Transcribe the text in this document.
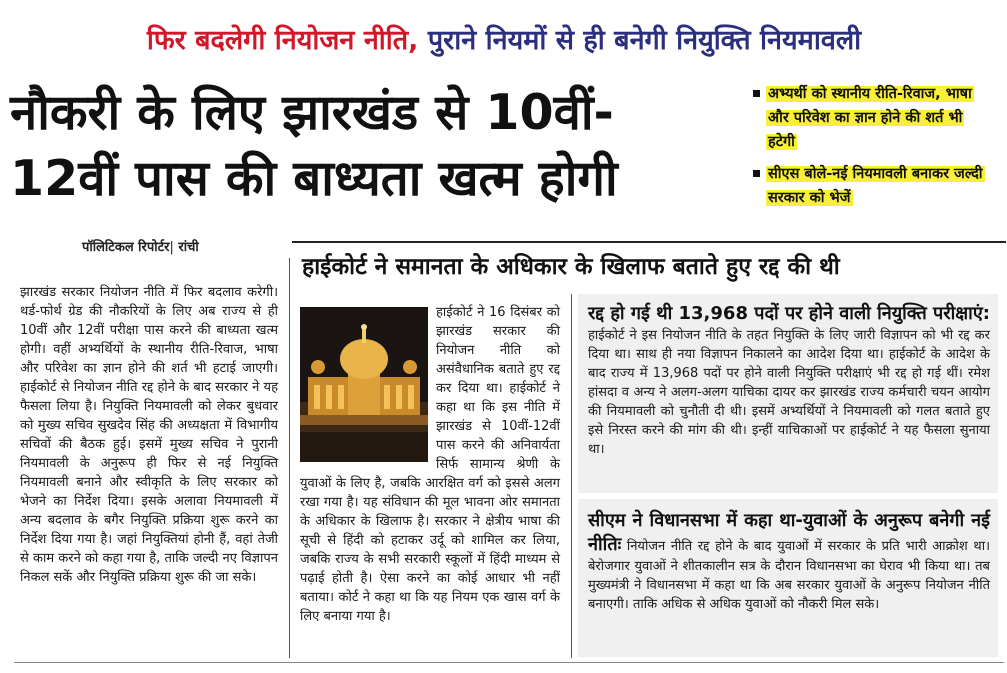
फिर बदलेगी नियोजन नीति,
पुराने नियमों से ही बनेगी नियुक्ति नियमावली
नौकरी के लिए झारखंड से 10वीं-
12वीं पास की बाध्यता खत्म होगी
अभ्यर्थी को स्थानीय रीति-रिवाज, भाषा और परिवेश का ज्ञान होने की शर्त भी हटेगी
सीएस बोले-नई नियमावली बनाकर जल्दी सरकार को भेजें
पॉलिटिकल रिपोर्टर| रांची
हाईकोर्ट ने समानता के अधिकार के खिलाफ बताते हुए रद्द की थी
झारखंड सरकार नियोजन नीति में फिर बदलाव करेगी। थर्ड-फोर्थ ग्रेड की नौकरियों के लिए अब राज्य से ही 10वीं और 12वीं परीक्षा पास करने की बाध्यता खत्म होगी। वहीं अभ्यर्थियों के स्थानीय रीति-रिवाज, भाषा और परिवेश का ज्ञान होने की शर्त भी हटाई जाएगी। हाईकोर्ट से नियोजन नीति रद्द होने के बाद सरकार ने यह फैसला लिया है। नियुक्ति नियमावली को लेकर बुधवार को मुख्य सचिव सुखदेव सिंह की अध्यक्षता में विभागीय सचिवों की बैठक हुई। इसमें मुख्य सचिव ने पुरानी नियमावली के अनुरूप ही फिर से नई नियुक्ति नियमावली बनाने और स्वीकृति के लिए सरकार को भेजने का निर्देश दिया। इसके अलावा नियमावली में अन्य बदलाव के बगैर नियुक्ति प्रक्रिया शुरू करने का निर्देश दिया गया है। जहां नियुक्तियां होनी हैं, वहां तेजी से काम करने को कहा गया है, ताकि जल्दी नए विज्ञापन निकल सकें और नियुक्ति प्रक्रिया शुरू की जा सके।
हाईकोर्ट ने 16 दिसंबर को झारखंड सरकार की नियोजन नीति को असंवैधानिक बताते हुए रद्द कर दिया था। हाईकोर्ट ने कहा था कि इस नीति में झारखंड से 10वीं-12वीं पास करने की अनिवार्यता सिर्फ सामान्य श्रेणी के युवाओं के लिए है, जबकि आरक्षित वर्ग को इससे अलग रखा गया है। यह संविधान की मूल भावना ओर समानता के अधिकार के खिलाफ है। सरकार ने क्षेत्रीय भाषा की सूची से हिंदी को हटाकर उर्दू को शामिल कर लिया, जबकि राज्य के सभी सरकारी स्कूलों में हिंदी माध्यम से पढ़ाई होती है। ऐसा करने का कोई आधार भी नहीं बताया। कोर्ट ने कहा था कि यह नियम एक खास वर्ग के लिए बनाया गया है।
रद्द हो गई थी 13,968 पदों पर होने वाली नियुक्ति परीक्षाएं: हाईकोर्ट ने इस नियोजन नीति के तहत नियुक्ति के लिए जारी विज्ञापन को भी रद्द कर दिया था। साथ ही नया विज्ञापन निकालने का आदेश दिया था। हाईकोर्ट के आदेश के बाद राज्य में 13,968 पदों पर होने वाली नियुक्ति परीक्षाएं भी रद्द हो गई थीं। रमेश हांसदा व अन्य ने अलग-अलग याचिका दायर कर झारखंड राज्य कर्मचारी चयन आयोग की नियमावली को चुनौती दी थी। इसमें अभ्यर्थियों ने नियमावली को गलत बताते हुए इसे निरस्त करने की मांग की थी। इन्हीं याचिकाओं पर हाईकोर्ट ने यह फैसला सुनाया था।
सीएम ने विधानसभा में कहा था-युवाओं के अनुरूप बनेगी नई नीतिः नियोजन नीति रद्द होने के बाद युवाओं में सरकार के प्रति भारी आक्रोश था। बेरोजगार युवाओं ने शीतकालीन सत्र के दौरान विधानसभा का घेराव भी किया था। तब मुख्यमंत्री ने विधानसभा में कहा था कि अब सरकार युवाओं के अनुरूप नियोजन नीति बनाएगी। ताकि अधिक से अधिक युवाओं को नौकरी मिल सके।
